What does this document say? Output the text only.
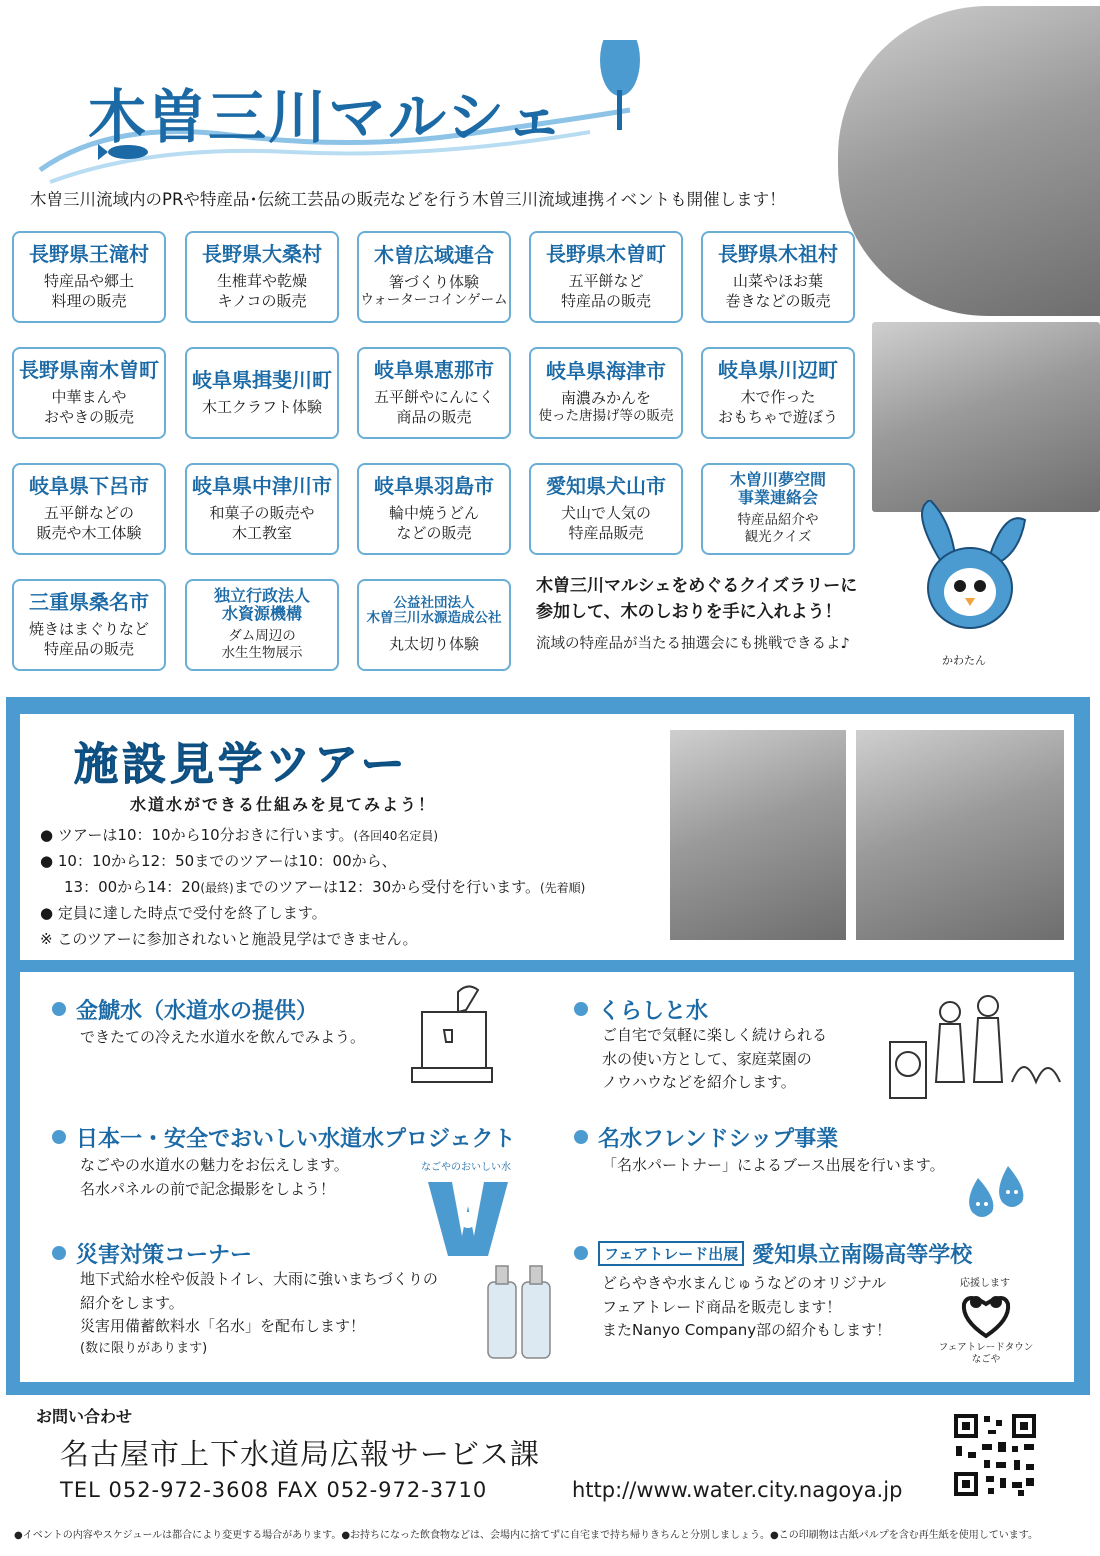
木曽三川マルシェ
木曽三川流域内のPRや特産品･伝統工芸品の販売などを行う木曽三川流域連携イベントも開催します！
長野県王滝村
特産品や郷土
料理の販売
長野県大桑村
生椎茸や乾燥
キノコの販売
木曽広域連合
箸づくり体験
ウォーターコインゲーム
長野県木曽町
五平餅など
特産品の販売
長野県木祖村
山菜やほお葉
巻きなどの販売
長野県南木曽町
中華まんや
おやきの販売
岐阜県揖斐川町
木工クラフト体験
岐阜県恵那市
五平餅やにんにく
商品の販売
岐阜県海津市
南濃みかんを
使った唐揚げ等の販売
岐阜県川辺町
木で作った
おもちゃで遊ぼう
岐阜県下呂市
五平餅などの
販売や木工体験
岐阜県中津川市
和菓子の販売や
木工教室
岐阜県羽島市
輪中焼うどん
などの販売
愛知県犬山市
犬山で人気の
特産品販売
木曽川夢空間
事業連絡会
特産品紹介や
観光クイズ
三重県桑名市
焼きはまぐりなど
特産品の販売
独立行政法人
水資源機構
ダム周辺の
水生生物展示
公益社団法人
木曽三川水源造成公社
丸太切り体験
木曽三川マルシェをめぐるクイズラリーに
参加して、木のしおりを手に入れよう！
流域の特産品が当たる抽選会にも挑戦できるよ♪
かわたん
施設見学ツアー
水道水ができる仕組みを見てみよう！
● ツアーは10：10から10分おきに行います。(各回40名定員)
● 10：10から12：50までのツアーは10：00から、
13：00から14：20(最終)までのツアーは12：30から受付を行います。(先着順)
● 定員に達した時点で受付を終了します。
※ このツアーに参加されないと施設見学はできません。
金鯱水（水道水の提供）
できたての冷えた水道水を飲んでみよう。
くらしと水
ご自宅で気軽に楽しく続けられる
水の使い方として、家庭菜園の
ノウハウなどを紹介します。
日本一・安全でおいしい水道水プロジェクト
なごやの水道水の魅力をお伝えします。
名水パネルの前で記念撮影をしよう！
なごやのおいしい水
名水フレンドシップ事業
「名水パートナー」によるブース出展を行います。
災害対策コーナー
地下式給水栓や仮設トイレ、大雨に強いまちづくりの
紹介をします。
災害用備蓄飲料水「名水」を配布します！
(数に限りがあります)
フェアトレード出展 愛知県立南陽高等学校
どらやきや水まんじゅうなどのオリジナル
フェアトレード商品を販売します！
またNanyo Company部の紹介もします！
応援します
フェアトレードタウン
なごや
お問い合わせ
名古屋市上下水道局広報サービス課
TEL 052-972-3608 FAX 052-972-3710	http://www.water.city.nagoya.jp
●イベントの内容やスケジュールは都合により変更する場合があります。●お持ちになった飲食物などは、会場内に捨てずに自宅まで持ち帰りきちんと分別しましょう。●この印刷物は古紙パルプを含む再生紙を使用しています。
